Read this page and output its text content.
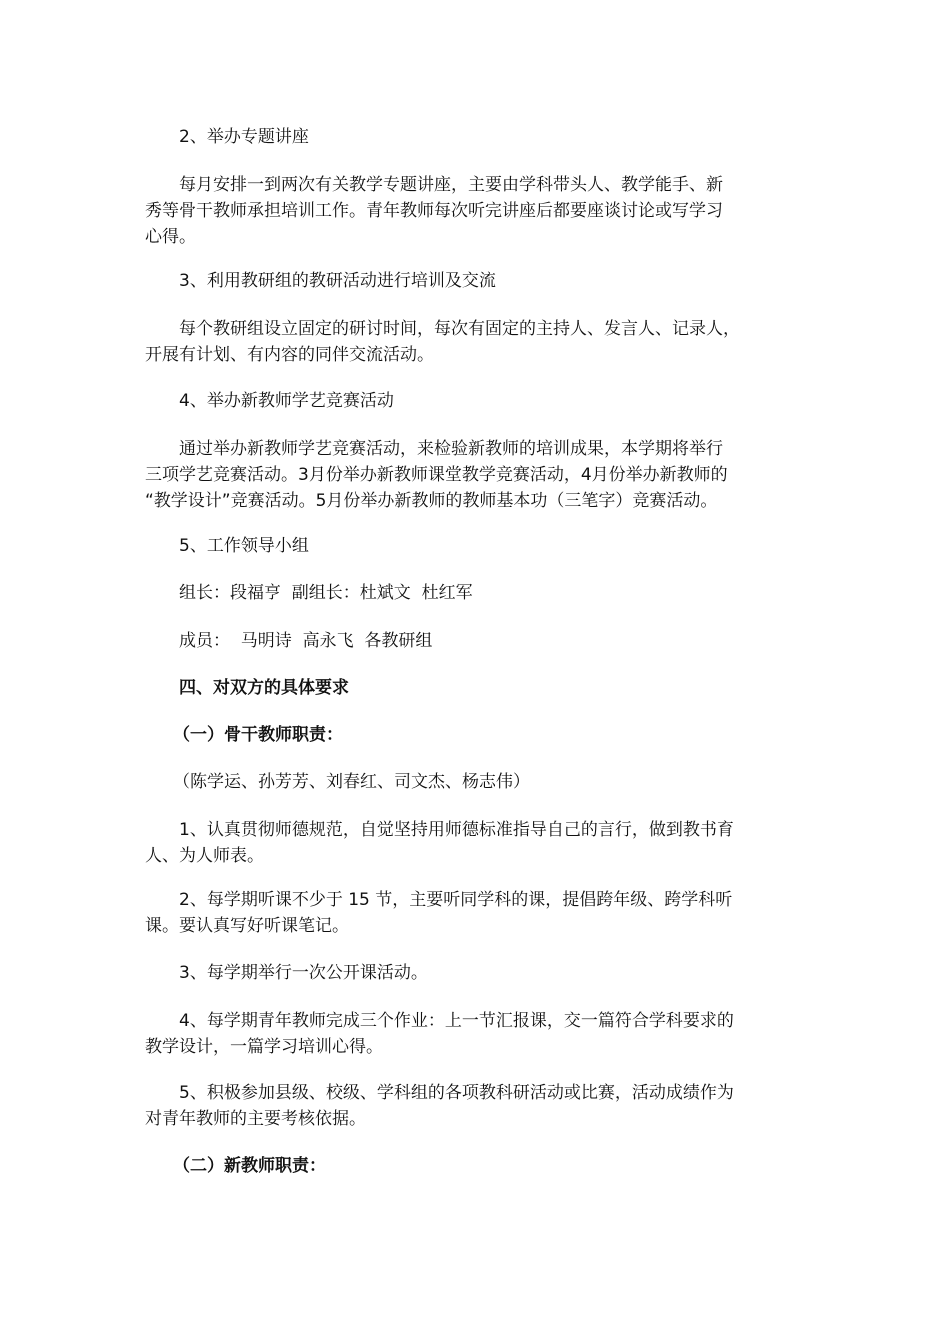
2、举办专题讲座

每月安排一到两次有关教学专题讲座，主要由学科带头人、教学能手、新
秀等骨干教师承担培训工作。青年教师每次听完讲座后都要座谈讨论或写学习
心得。

3、利用教研组的教研活动进行培训及交流

每个教研组设立固定的研讨时间，每次有固定的主持人、发言人、记录人，
开展有计划、有内容的同伴交流活动。

4、举办新教师学艺竞赛活动

通过举办新教师学艺竞赛活动，来检验新教师的培训成果，本学期将举行
三项学艺竞赛活动。3月份举办新教师课堂教学竞赛活动，4月份举办新教师的
“教学设计”竞赛活动。5月份举办新教师的教师基本功（三笔字）竞赛活动。

5、工作领导小组

组长：段福亨  副组长：杜斌文  杜红军

成员：  马明诗  高永飞  各教研组

四、对双方的具体要求

（一）骨干教师职责：

（陈学运、孙芳芳、刘春红、司文杰、杨志伟）

1、认真贯彻师德规范，自觉坚持用师德标准指导自己的言行，做到教书育
人、为人师表。

2、每学期听课不少于 15 节，主要听同学科的课，提倡跨年级、跨学科听
课。要认真写好听课笔记。

3、每学期举行一次公开课活动。

4、每学期青年教师完成三个作业：上一节汇报课，交一篇符合学科要求的
教学设计，一篇学习培训心得。

5、积极参加县级、校级、学科组的各项教科研活动或比赛，活动成绩作为
对青年教师的主要考核依据。

（二）新教师职责：
